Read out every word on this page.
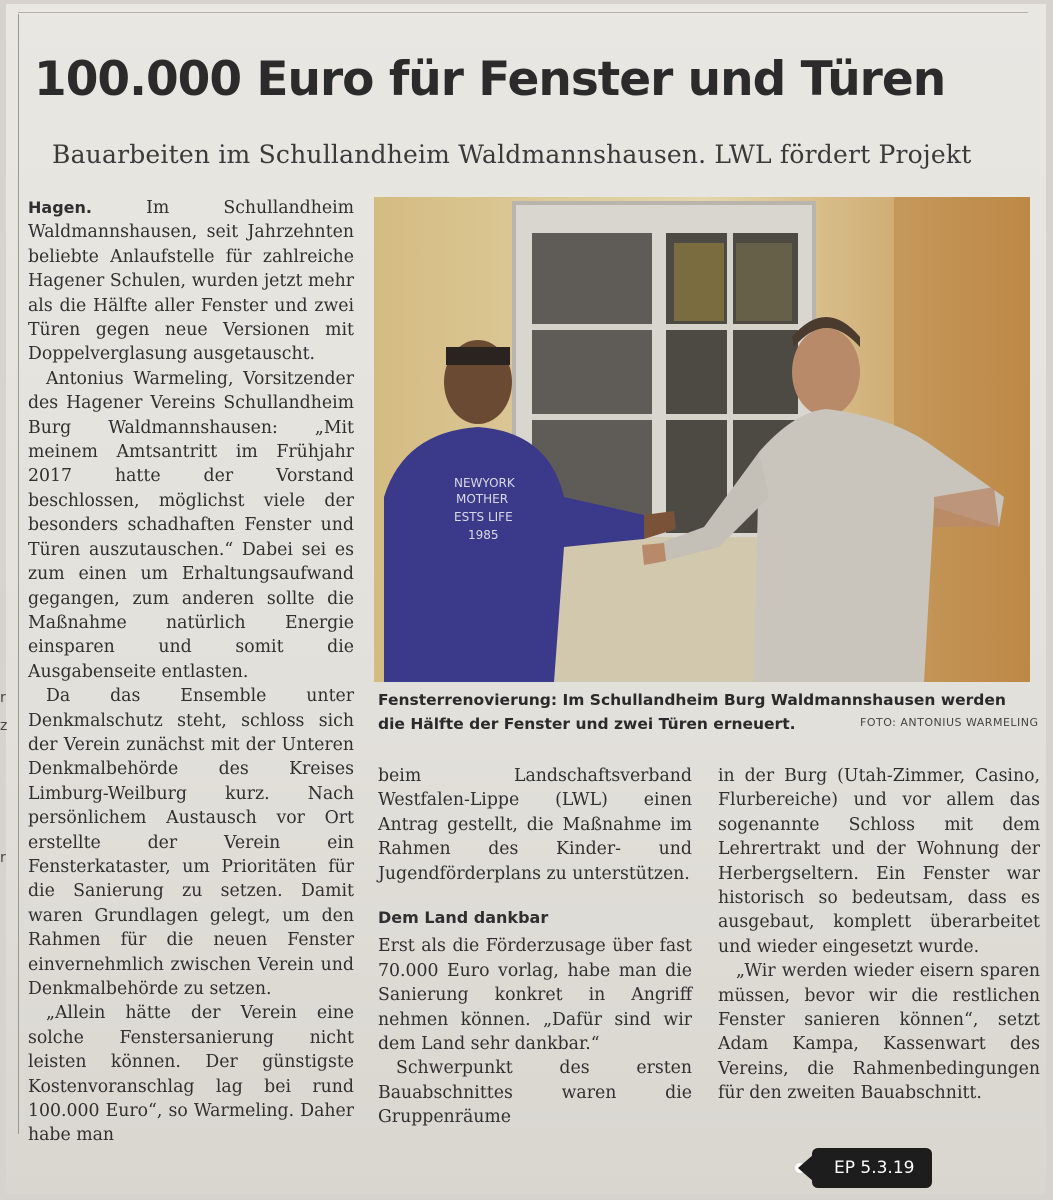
r
z
r
100.000 Euro für Fenster und Türen
Bauarbeiten im Schullandheim Waldmannshausen. LWL fördert Projekt

Hagen.	Im Schullandheim Waldmannshausen, seit Jahrzehnten beliebte Anlaufstelle für zahlreiche Hagener Schulen, wurden jetzt mehr als die Hälfte aller Fenster und zwei Türen gegen neue Versionen mit Doppelverglasung ausgetauscht.

Antonius Warmeling, Vorsitzender des Hagener Vereins Schullandheim Burg Waldmannshausen: „Mit meinem Amtsantritt im Frühjahr 2017 hatte der Vorstand beschlossen, möglichst viele der besonders schadhaften Fenster und Türen auszutauschen.“ Dabei sei es zum einen um Erhaltungsaufwand gegangen, zum anderen sollte die Maßnahme natürlich Energie einsparen und somit die Ausgabenseite entlasten.

Da das Ensemble unter Denkmalschutz steht, schloss sich der Verein zunächst mit der Unteren Denkmalbehörde des Kreises Limburg-Weilburg kurz. Nach persönlichem Austausch vor Ort erstellte der Verein ein Fensterkataster, um Prioritäten für die Sanierung zu setzen. Damit waren Grundlagen gelegt, um den Rahmen für die neuen Fenster einvernehmlich zwischen Verein und Denkmalbehörde zu setzen.

„Allein hätte der Verein eine solche Fenstersanierung nicht leisten können. Der günstigste Kostenvoranschlag lag bei rund 100.000 Euro“, so Warmeling. Daher habe man

NEWYORK
MOTHER
ESTS LIFE
1985
Fensterrenovierung: Im Schullandheim Burg Waldmannshausen werden die Hälfte der Fenster und zwei Türen erneuert.	FOTO: ANTONIUS WARMELING

beim Landschaftsverband Westfalen-Lippe (LWL) einen Antrag gestellt, die Maßnahme im Rahmen des Kinder- und Jugendförderplans zu unterstützen.

Dem Land dankbar

Erst als die Förderzusage über fast 70.000 Euro vorlag, habe man die Sanierung konkret in Angriff nehmen können. „Dafür sind wir dem Land sehr dankbar.“

Schwerpunkt des ersten Bauabschnittes waren die Gruppenräume

in der Burg (Utah-Zimmer, Casino, Flurbereiche) und vor allem das sogenannte Schloss mit dem Lehrertrakt und der Wohnung der Herbergseltern. Ein Fenster war historisch so bedeutsam, dass es ausgebaut, komplett überarbeitet und wieder eingesetzt wurde.

„Wir werden wieder eisern sparen müssen, bevor wir die restlichen Fenster sanieren können“, setzt Adam Kampa, Kassenwart des Vereins, die Rahmenbedingungen für den zweiten Bauabschnitt.

EP 5.3.19
